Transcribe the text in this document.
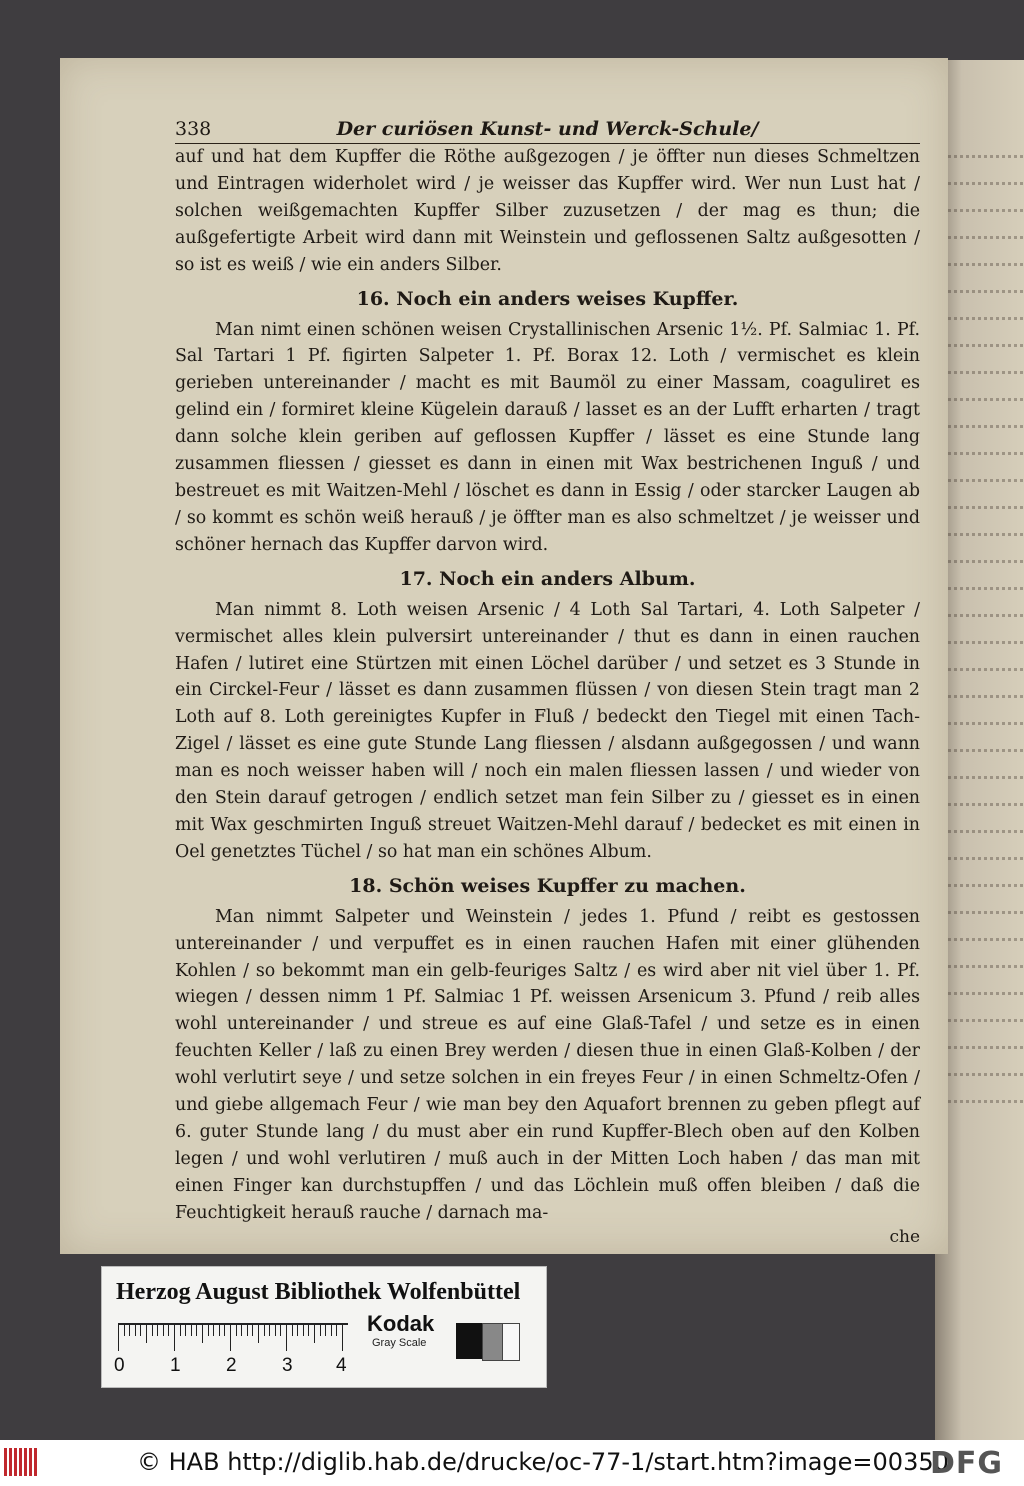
338	Der curiösen Kunst- und Werck-Schule/

auf und hat dem Kupffer die Röthe außgezogen / je öffter nun dieses Schmeltzen und Eintragen widerholet wird / je weisser das Kupffer wird. Wer nun Lust hat / solchen weißgemachten Kupffer Silber zuzusetzen / der mag es thun; die außgefertigte Arbeit wird dann mit Weinstein und geflossenen Saltz außgesotten / so ist es weiß / wie ein anders Silber.

16. Noch ein anders weises Kupffer.

Man nimt einen schönen weisen Crystallinischen Arsenic 1½. Pf. Salmiac 1. Pf. Sal Tartari 1 Pf. figirten Salpeter 1. Pf. Borax 12. Loth / vermischet es klein gerieben untereinander / macht es mit Baumöl zu einer Massam, coaguliret es gelind ein / formiret kleine Kügelein darauß / lasset es an der Lufft erharten / tragt dann solche klein geriben auf geflossen Kupffer / lässet es eine Stunde lang zusammen fliessen / giesset es dann in einen mit Wax bestrichenen Inguß / und bestreuet es mit Waitzen-Mehl / löschet es dann in Essig / oder starcker Laugen ab / so kommt es schön weiß herauß / je öffter man es also schmeltzet / je weisser und schöner hernach das Kupffer darvon wird.

17. Noch ein anders Album.

Man nimmt 8. Loth weisen Arsenic / 4 Loth Sal Tartari, 4. Loth Salpeter / vermischet alles klein pulversirt untereinander / thut es dann in einen rauchen Hafen / lutiret eine Stürtzen mit einen Löchel darüber / und setzet es 3 Stunde in ein Circkel-Feur / lässet es dann zusammen flüssen / von diesen Stein tragt man 2 Loth auf 8. Loth gereinigtes Kupfer in Fluß / bedeckt den Tiegel mit einen Tach-Zigel / lässet es eine gute Stunde Lang fliessen / alsdann außgegossen / und wann man es noch weisser haben will / noch ein malen fliessen lassen / und wieder von den Stein darauf getrogen / endlich setzet man fein Silber zu / giesset es in einen mit Wax geschmirten Inguß streuet Waitzen-Mehl darauf / bedecket es mit einen in Oel genetztes Tüchel / so hat man ein schönes Album.

18. Schön weises Kupffer zu machen.

Man nimmt Salpeter und Weinstein / jedes 1. Pfund / reibt es gestossen untereinander / und verpuffet es in einen rauchen Hafen mit einer glühenden Kohlen / so bekommt man ein gelb-feuriges Saltz / es wird aber nit viel über 1. Pf. wiegen / dessen nimm 1 Pf. Salmiac 1 Pf. weissen Arsenicum 3. Pfund / reib alles wohl untereinander / und streue es auf eine Glaß-Tafel / und setze es in einen feuchten Keller / laß zu einen Brey werden / diesen thue in einen Glaß-Kolben / der wohl verlutirt seye / und setze solchen in ein freyes Feur / in einen Schmeltz-Ofen / und giebe allgemach Feur / wie man bey den Aquafort brennen zu geben pflegt auf 6. guter Stunde lang / du must aber ein rund Kupffer-Blech oben auf den Kolben legen / und wohl verlutiren / muß auch in der Mitten Loch haben / das man mit einen Finger kan durchstupffen / und das Löchlein muß offen bleiben / daß die Feuchtigkeit herauß rauche / darnach ma-

che
Herzog August Bibliothek Wolfenbüttel
0 1 2 3 4
Kodak
Gray Scale
© HAB http://diglib.hab.de/drucke/oc-77-1/start.htm?image=00350
DFG
